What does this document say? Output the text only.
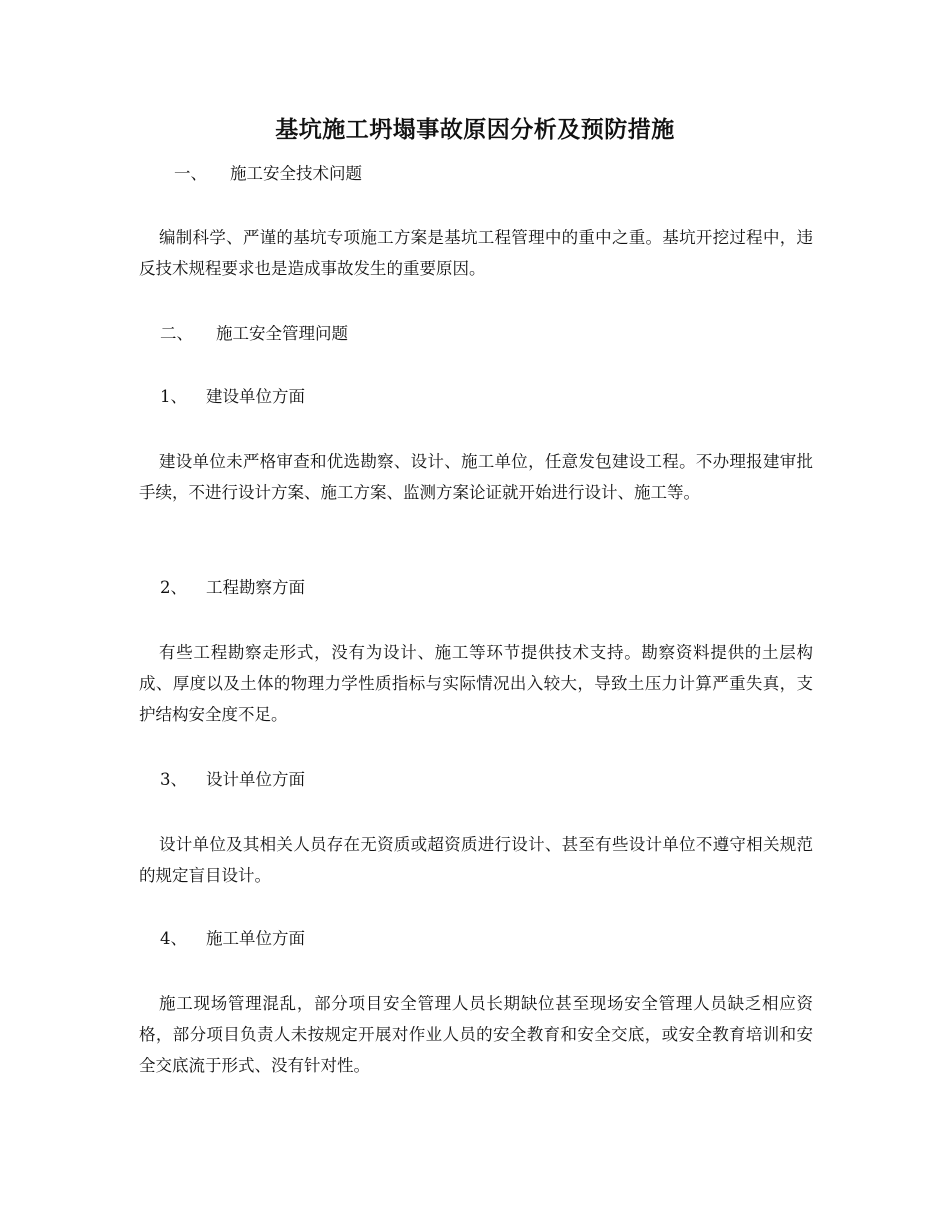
基坑施工坍塌事故原因分析及预防措施
一、 施工安全技术问题
编制科学、严谨的基坑专项施工方案是基坑工程管理中的重中之重。基坑开挖过程中，违反技术规程要求也是造成事故发生的重要原因。
二、 施工安全管理问题
1、 建设单位方面
建设单位未严格审查和优选勘察、设计、施工单位，任意发包建设工程。不办理报建审批手续，不进行设计方案、施工方案、监测方案论证就开始进行设计、施工等。
2、 工程勘察方面
有些工程勘察走形式，没有为设计、施工等环节提供技术支持。勘察资料提供的土层构成、厚度以及土体的物理力学性质指标与实际情况出入较大，导致土压力计算严重失真，支护结构安全度不足。
3、 设计单位方面
设计单位及其相关人员存在无资质或超资质进行设计、甚至有些设计单位不遵守相关规范的规定盲目设计。
4、 施工单位方面
施工现场管理混乱，部分项目安全管理人员长期缺位甚至现场安全管理人员缺乏相应资格，部分项目负责人未按规定开展对作业人员的安全教育和安全交底，或安全教育培训和安全交底流于形式、没有针对性。
